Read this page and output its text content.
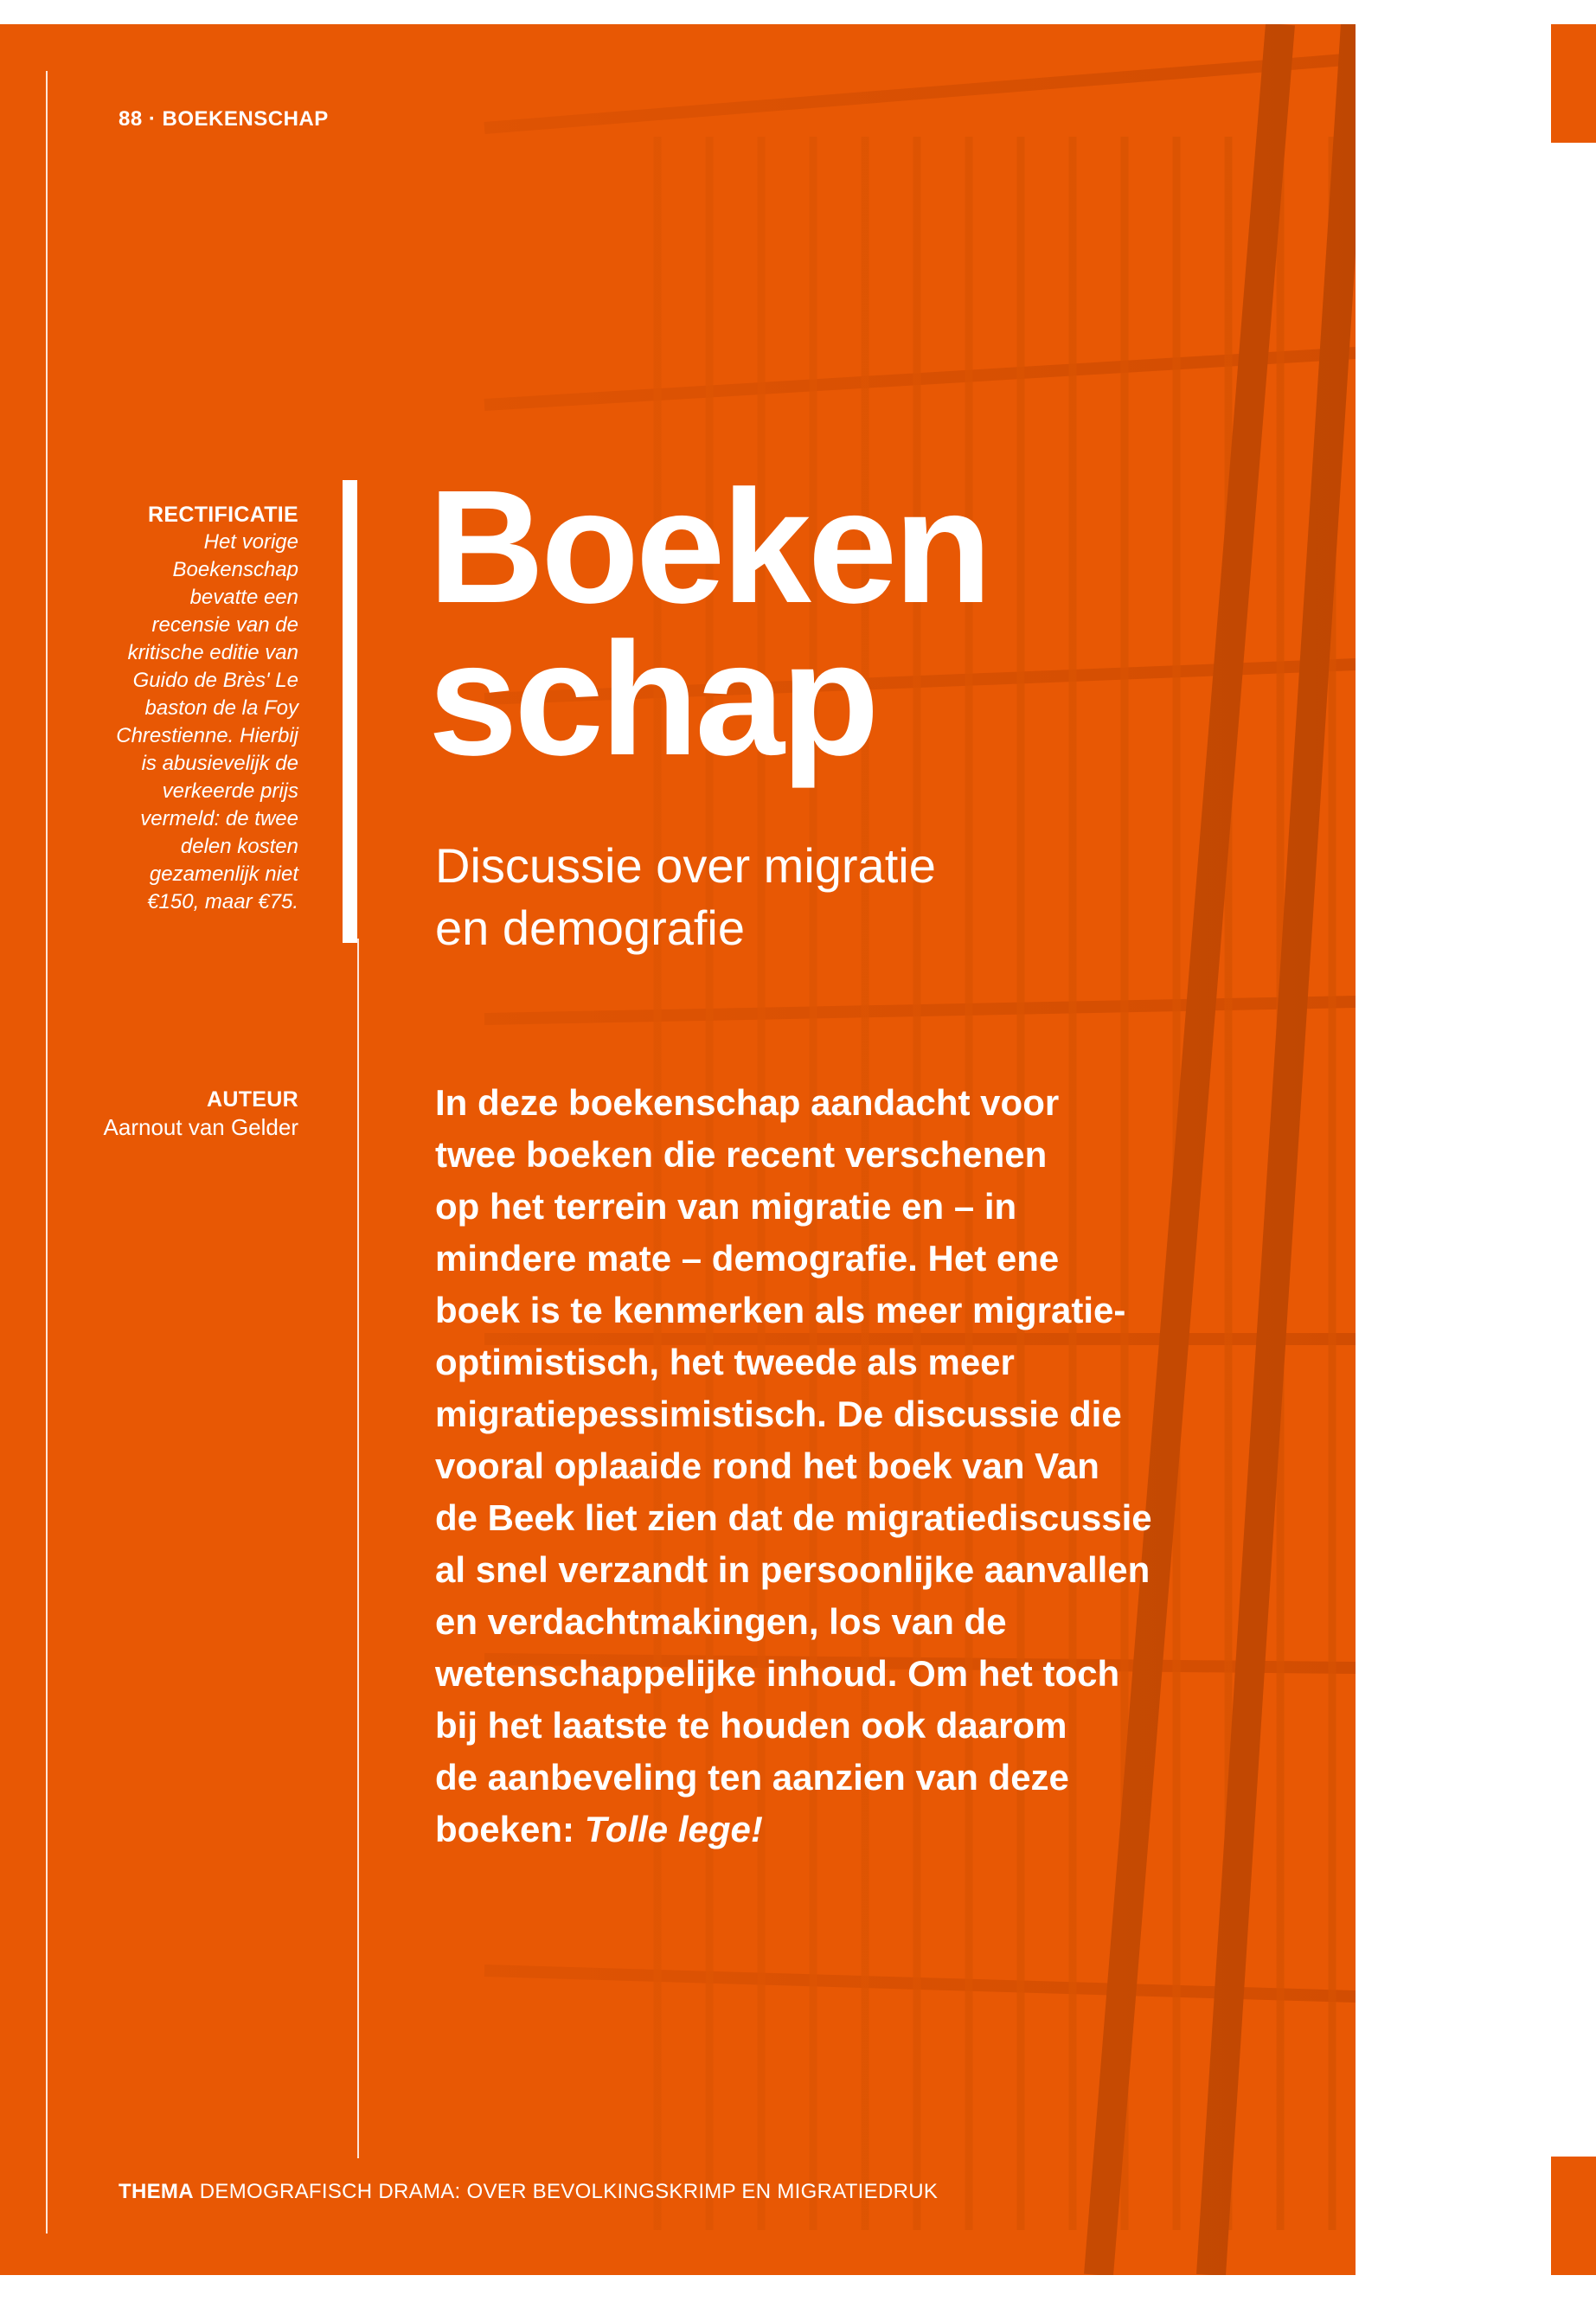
88 · BOEKENSCHAP

RECTIFICATIE

Het vorige
Boekenschap
bevatte een
recensie van de
kritische editie van
Guido de Brès' Le
baston de la Foy
Chrestienne. Hierbij
is abusievelijk de
verkeerde prijs
vermeld: de twee
delen kosten
gezamenlijk niet
€150, maar €75.

AUTEUR

Aarnout van Gelder

Boeken
schap
Discussie over migratie
en demografie

In deze boekenschap aandacht voor
twee boeken die recent verschenen
op het terrein van migratie en – in
mindere mate – demografie. Het ene
boek is te kenmerken als meer migratie-
optimistisch, het tweede als meer
migratiepessimistisch. De discussie die
vooral oplaaide rond het boek van Van
de Beek liet zien dat de migratiediscussie
al snel verzandt in persoonlijke aanvallen
en verdachtmakingen, los van de
wetenschappelijke inhoud. Om het toch
bij het laatste te houden ook daarom
de aanbeveling ten aanzien van deze
boeken: Tolle lege!

THEMA DEMOGRAFISCH DRAMA: OVER BEVOLKINGSKRIMP EN MIGRATIEDRUK
